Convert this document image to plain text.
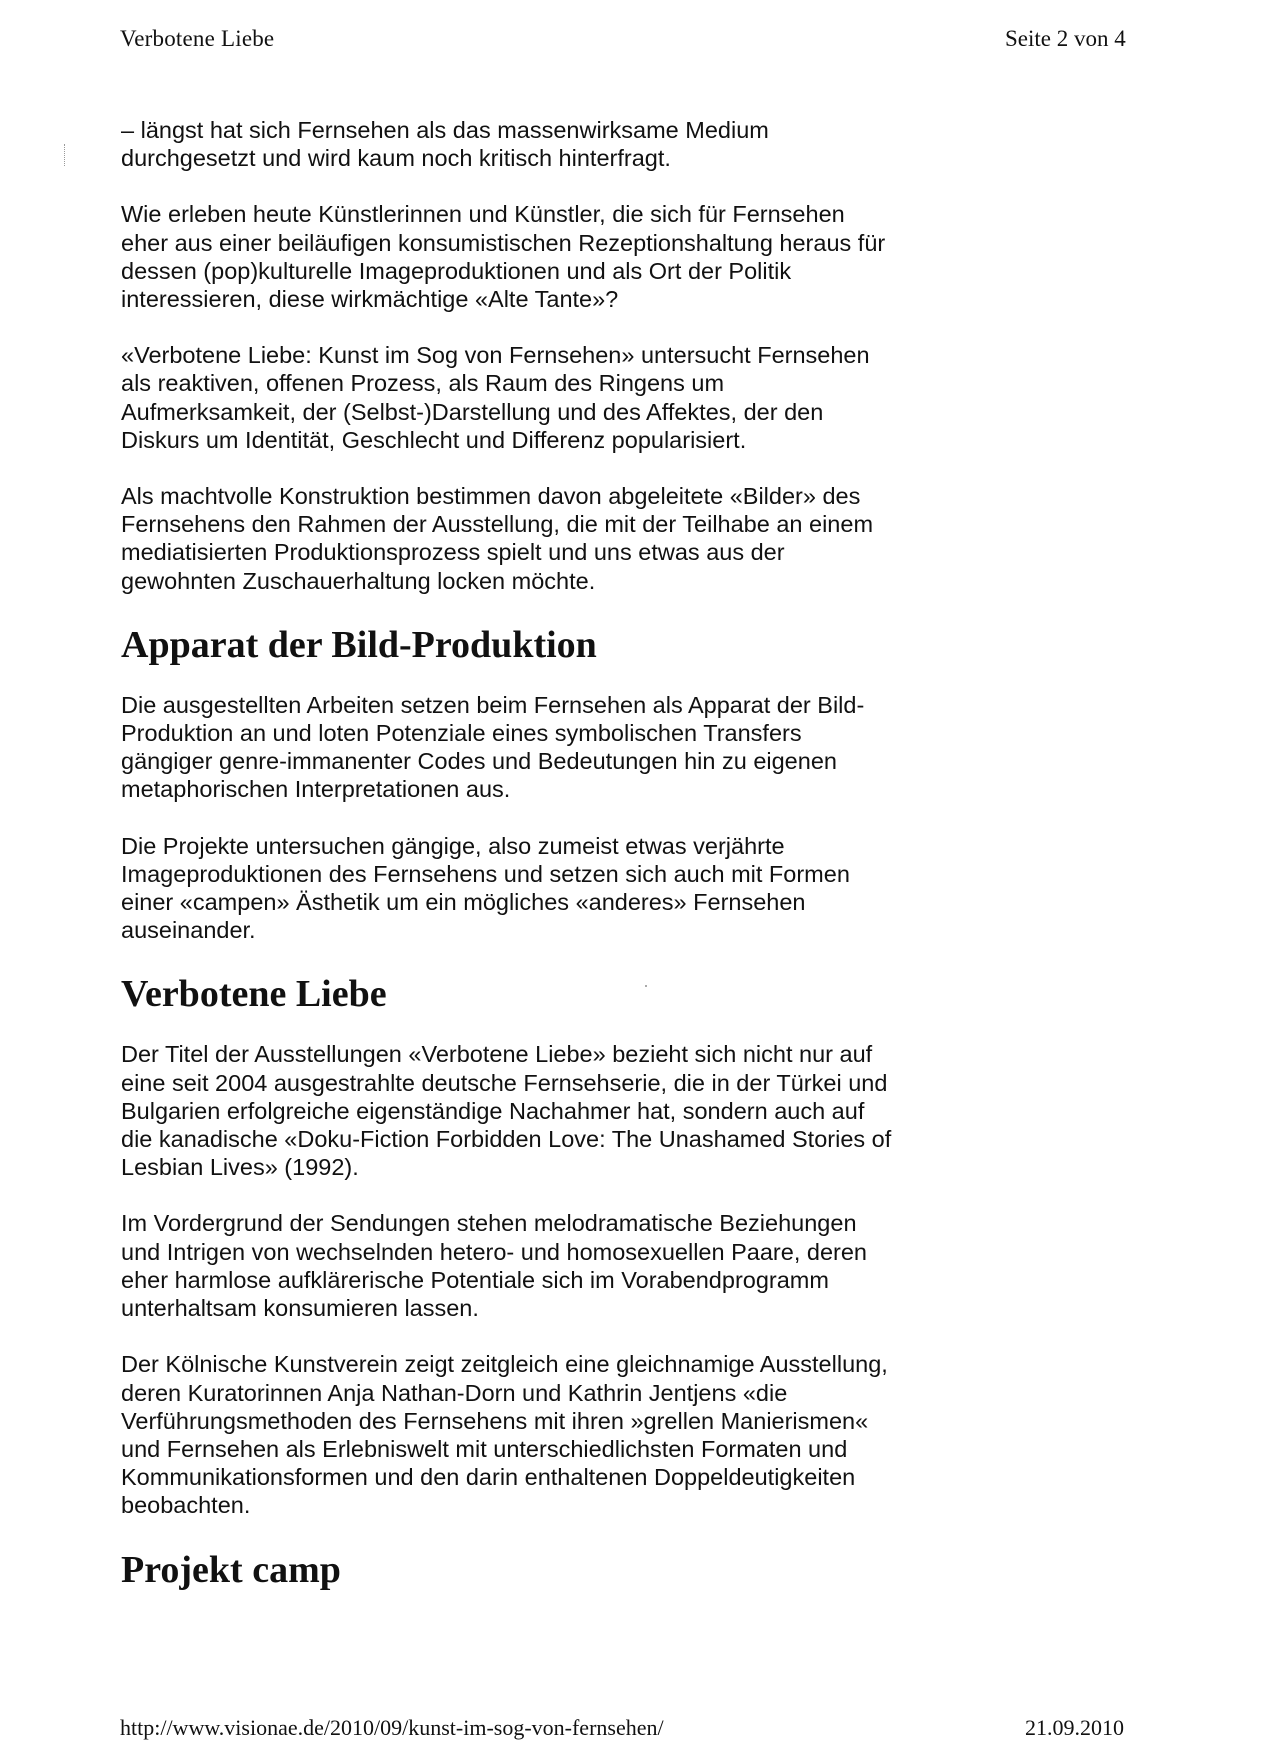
Verbotene Liebe	Seite 2 von 4

– längst hat sich Fernsehen als das massenwirksame Medium
durchgesetzt und wird kaum noch kritisch hinterfragt.

Wie erleben heute Künstlerinnen und Künstler, die sich für Fernsehen
eher aus einer beiläufigen konsumistischen Rezeptionshaltung heraus für
dessen (pop)kulturelle Imageproduktionen und als Ort der Politik
interessieren, diese wirkmächtige «Alte Tante»?

«Verbotene Liebe: Kunst im Sog von Fernsehen» untersucht Fernsehen
als reaktiven, offenen Prozess, als Raum des Ringens um
Aufmerksamkeit, der (Selbst-)Darstellung und des Affektes, der den
Diskurs um Identität, Geschlecht und Differenz popularisiert.

Als machtvolle Konstruktion bestimmen davon abgeleitete «Bilder» des
Fernsehens den Rahmen der Ausstellung, die mit der Teilhabe an einem
mediatisierten Produktionsprozess spielt und uns etwas aus der
gewohnten Zuschauerhaltung locken möchte.

Apparat der Bild-Produktion

Die ausgestellten Arbeiten setzen beim Fernsehen als Apparat der Bild-
Produktion an und loten Potenziale eines symbolischen Transfers
gängiger genre-immanenter Codes und Bedeutungen hin zu eigenen
metaphorischen Interpretationen aus.

Die Projekte untersuchen gängige, also zumeist etwas verjährte
Imageproduktionen des Fernsehens und setzen sich auch mit Formen
einer «campen» Ästhetik um ein mögliches «anderes» Fernsehen
auseinander.

Verbotene Liebe

Der Titel der Ausstellungen «Verbotene Liebe» bezieht sich nicht nur auf
eine seit 2004 ausgestrahlte deutsche Fernsehserie, die in der Türkei und
Bulgarien erfolgreiche eigenständige Nachahmer hat, sondern auch auf
die kanadische «Doku-Fiction Forbidden Love: The Unashamed Stories of
Lesbian Lives» (1992).

Im Vordergrund der Sendungen stehen melodramatische Beziehungen
und Intrigen von wechselnden hetero- und homosexuellen Paare, deren
eher harmlose aufklärerische Potentiale sich im Vorabendprogramm
unterhaltsam konsumieren lassen.

Der Kölnische Kunstverein zeigt zeitgleich eine gleichnamige Ausstellung,
deren Kuratorinnen Anja Nathan-Dorn und Kathrin Jentjens «die
Verführungsmethoden des Fernsehens mit ihren »grellen Manierismen«
und Fernsehen als Erlebniswelt mit unterschiedlichsten Formaten und
Kommunikationsformen und den darin enthaltenen Doppeldeutigkeiten
beobachten.

Projekt camp
http://www.visionae.de/2010/09/kunst-im-sog-von-fernsehen/	21.09.2010
